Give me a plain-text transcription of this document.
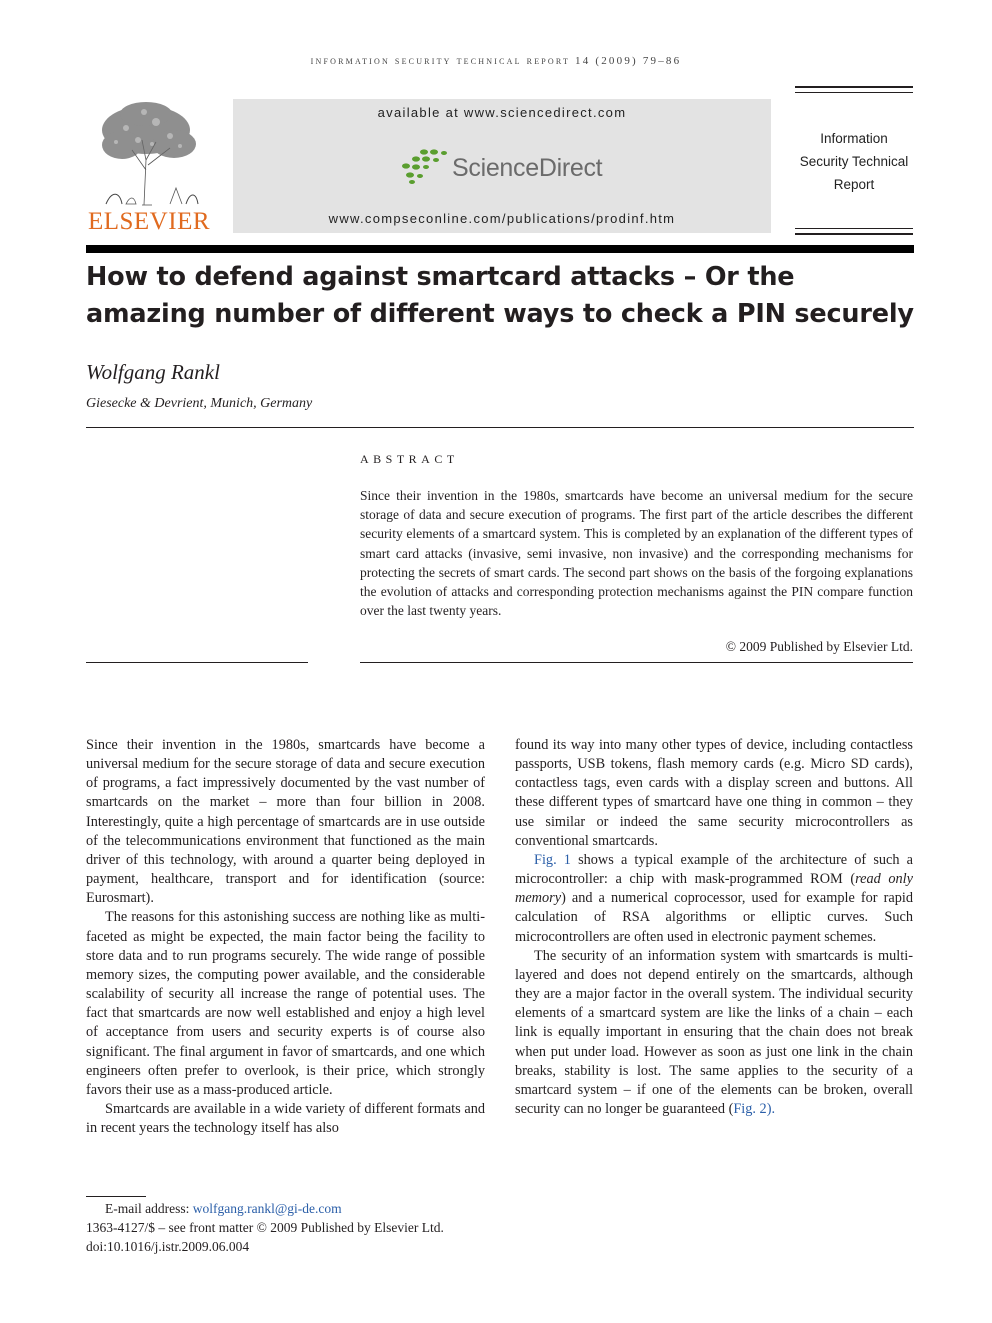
information security technical report 14 (2009) 79–86
ELSEVIER
available at www.sciencedirect.com
ScienceDirect
www.compseconline.com/publications/prodinf.htm
Information
Security Technical
Report
How to defend against smartcard attacks – Or the amazing number of different ways to check a PIN securely
Wolfgang Rankl
Giesecke & Devrient, Munich, Germany
ABSTRACT
Since their invention in the 1980s, smartcards have become an universal medium for the secure storage of data and secure execution of programs. The first part of the article describes the different security elements of a smartcard system. This is completed by an explanation of the different types of smart card attacks (invasive, semi invasive, non invasive) and the corresponding mechanisms for protecting the secrets of smart cards. The second part shows on the basis of the forgoing explanations the evolution of attacks and corresponding protection mechanisms against the PIN compare function over the last twenty years.
© 2009 Published by Elsevier Ltd.

Since their invention in the 1980s, smartcards have become a universal medium for the secure storage of data and secure execution of programs, a fact impressively documented by the vast number of smartcards on the market – more than four billion in 2008. Interestingly, quite a high percentage of smartcards are in use outside of the telecommunications environment that functioned as the main driver of this technology, with around a quarter being deployed in payment, healthcare, transport and for identification (source: Eurosmart).

The reasons for this astonishing success are nothing like as multi-faceted as might be expected, the main factor being the facility to store data and to run programs securely. The wide range of possible memory sizes, the computing power available, and the considerable scalability of security all increase the range of potential uses. The fact that smartcards are now well established and enjoy a high level of acceptance from users and security experts is of course also significant. The final argument in favor of smartcards, and one which engineers often prefer to overlook, is their price, which strongly favors their use as a mass-produced article.

Smartcards are available in a wide variety of different formats and in recent years the technology itself has also

found its way into many other types of device, including contactless passports, USB tokens, flash memory cards (e.g. Micro SD cards), contactless tags, even cards with a display screen and buttons. All these different types of smartcard have one thing in common – they use similar or indeed the same security microcontrollers as conventional smartcards.

Fig. 1 shows a typical example of the architecture of such a microcontroller: a chip with mask-programmed ROM (read only memory) and a numerical coprocessor, used for example for rapid calculation of RSA algorithms or elliptic curves. Such microcontrollers are often used in electronic payment schemes.

The security of an information system with smartcards is multi-layered and does not depend entirely on the smartcards, although they are a major factor in the overall system. The individual security elements of a smartcard system are like the links of a chain – each link is equally important in ensuring that the chain does not break when put under load. However as soon as just one link in the chain breaks, stability is lost. The same applies to the security of a smartcard system – if one of the elements can be broken, overall security can no longer be guaranteed (Fig. 2).

E-mail address: wolfgang.rankl@gi-de.com
1363-4127/$ – see front matter © 2009 Published by Elsevier Ltd.
doi:10.1016/j.istr.2009.06.004
